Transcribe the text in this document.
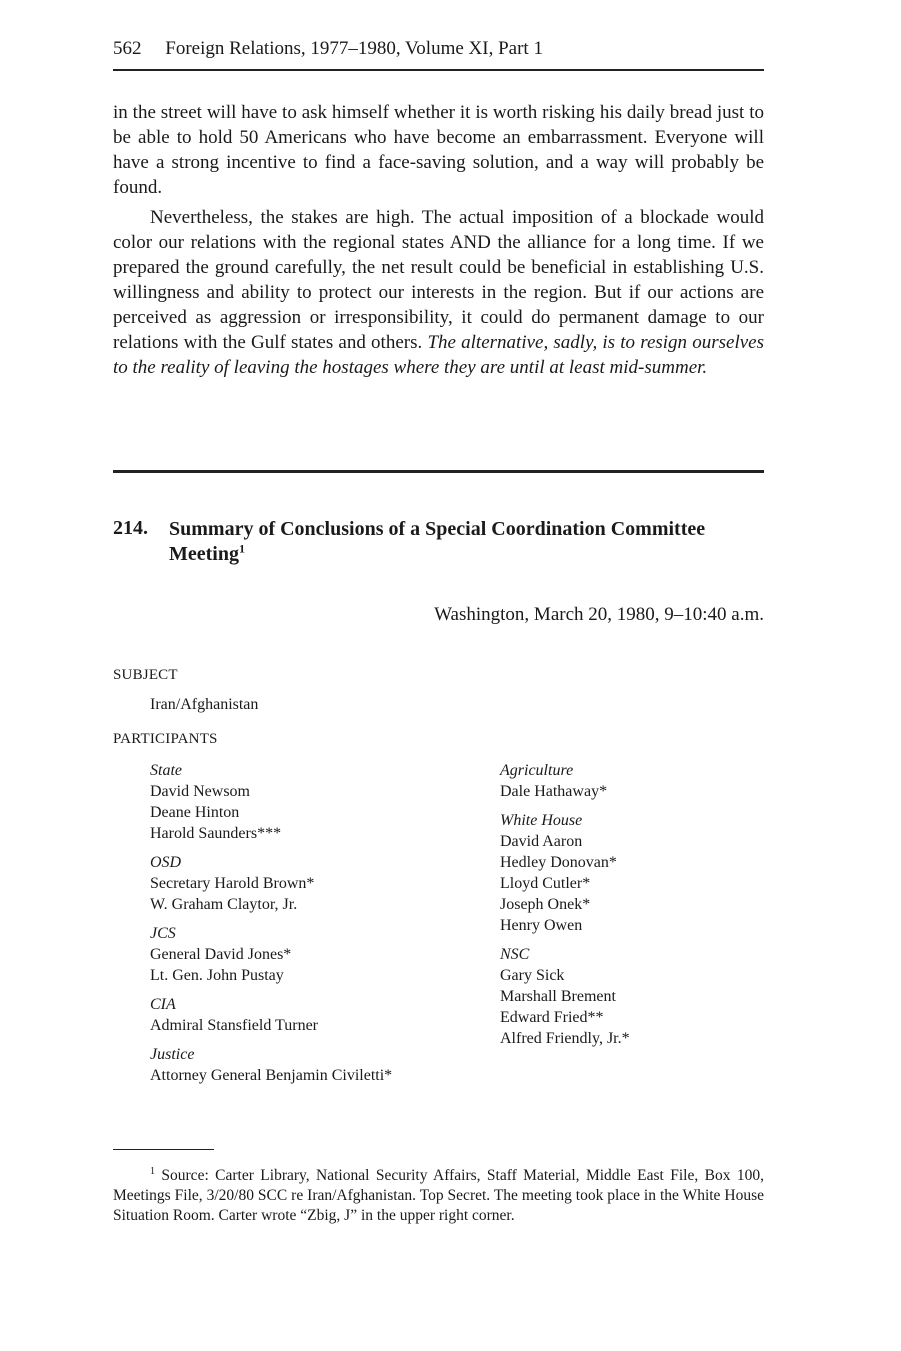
562     Foreign Relations, 1977–1980, Volume XI, Part 1

in the street will have to ask himself whether it is worth risking his daily bread just to be able to hold 50 Americans who have become an embarrassment. Everyone will have a strong incentive to find a face-saving solution, and a way will probably be found.

Nevertheless, the stakes are high. The actual imposition of a blockade would color our relations with the regional states AND the alliance for a long time. If we prepared the ground carefully, the net result could be beneficial in establishing U.S. willingness and ability to protect our interests in the region. But if our actions are perceived as aggression or irresponsibility, it could do permanent damage to our relations with the Gulf states and others. The alternative, sadly, is to resign ourselves to the reality of leaving the hostages where they are until at least mid-summer.

214. Summary of Conclusions of a Special Coordination Committee Meeting$^1$
Washington, March 20, 1980, 9–10:40 a.m.
SUBJECT
Iran/Afghanistan
PARTICIPANTS
State
David Newsom
Deane Hinton
Harold Saunders***
OSD
Secretary Harold Brown*
W. Graham Claytor, Jr.
JCS
General David Jones*
Lt. Gen. John Pustay
CIA
Admiral Stansfield Turner
Justice
Attorney General Benjamin Civiletti*
Agriculture
Dale Hathaway*
White House
David Aaron
Hedley Donovan*
Lloyd Cutler*
Joseph Onek*
Henry Owen
NSC
Gary Sick
Marshall Brement
Edward Fried**
Alfred Friendly, Jr.*

$^1$ Source: Carter Library, National Security Affairs, Staff Material, Middle East File, Box 100, Meetings File, 3/20/80 SCC re Iran/Afghanistan. Top Secret. The meeting took place in the White House Situation Room. Carter wrote “Zbig, J” in the upper right corner.
